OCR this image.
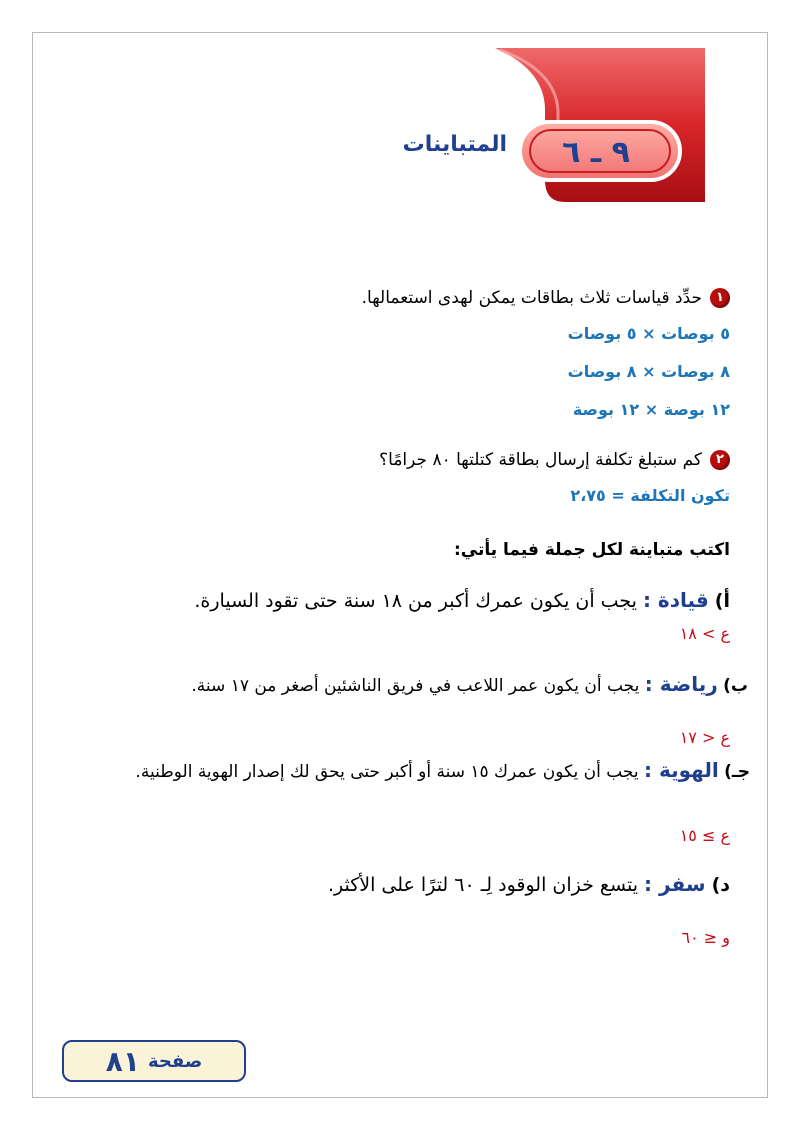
٩ ـ ٦
المتباينات
١
حدِّد قياسات ثلاث بطاقات يمكن لهدى استعمالها.
٥ بوصات × ٥ بوصات
٨ بوصات × ٨ بوصات
١٢ بوصة × ١٢ بوصة
٢
كم ستبلغ تكلفة إرسال بطاقة كتلتها ٨٠ جرامًا؟
تكون التكلفة = ٢،٧٥
اكتب متباينة لكل جملة فيما يأتي:
أ) قيادة : يجب أن يكون عمرك أكبر من ١٨ سنة حتى تقود السيارة.
ع > ١٨
ب) رياضة : يجب أن يكون عمر اللاعب في فريق الناشئين أصغر من ١٧ سنة.
ع < ١٧
جـ) الهوية : يجب أن يكون عمرك ١٥ سنة أو أكبر حتى يحق لك إصدار الهوية الوطنية.
ع ≥ ١٥
د) سفر : يتسع خزان الوقود لِـ ٦٠ لترًا على الأكثر.
و ≤ ٦٠
صفحة
٨١
